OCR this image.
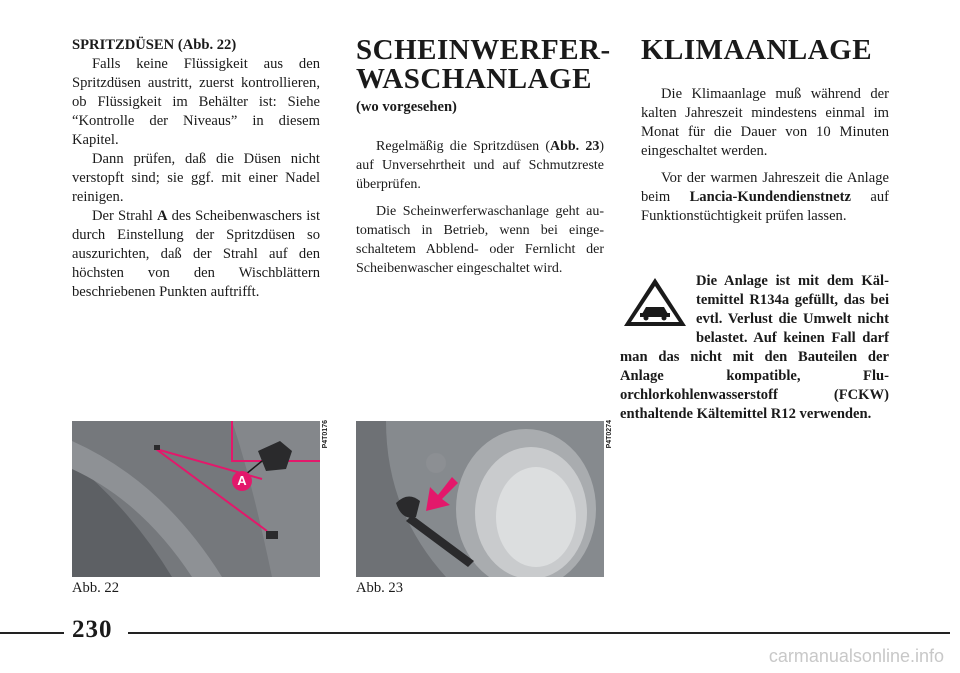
SPRITZDÜSEN (Abb. 22)

Falls keine Flüssigkeit aus den Spritzdüsen austritt, zuerst kontrollieren, ob Flüssigkeit im Behälter ist: Siehe “Kontrolle der Niveaus” in diesem Kapitel.

Dann prüfen, daß die Düsen nicht verstopft sind; sie ggf. mit einer Nadel reinigen.

Der Strahl A des Scheibenwaschers ist durch Einstellung der Spritzdüsen so auszurichten, daß der Strahl auf den höchsten von den Wischblättern beschriebenen Punkten auftrifft.

SCHEINWERFER-
WASCHANLAGE
(wo vorgesehen)

Regelmäßig die Spritzdüsen (Abb. 23) auf Unversehrtheit und auf Schmutzreste überprüfen.

Die Scheinwerferwaschanlage geht automatisch in Betrieb, wenn bei eingeschaltetem Abblend- oder Fernlicht der Scheibenwascher eingeschaltet wird.

KLIMAANLAGE

Die Klimaanlage muß während der kalten Jahreszeit mindestens einmal im Monat für die Dauer von 10 Minuten eingeschaltet werden.

Vor der warmen Jahreszeit die Anlage beim Lancia-Kundendienstnetz auf Funktionstüchtigkeit prüfen lassen.

Die Anlage ist mit dem Kältemittel R134a gefüllt, das bei evtl. Verlust die Umwelt nicht belastet. Auf keinen Fall darf man das nicht mit den Bauteilen der Anlage kompatible, Fluorchlorkohlenwasserstoff (FCKW) enthaltende Kältemittel R12 verwenden.

A
P4T0176	P4T0274
Abb. 22	Abb. 23
230
carmanualsonline.info
